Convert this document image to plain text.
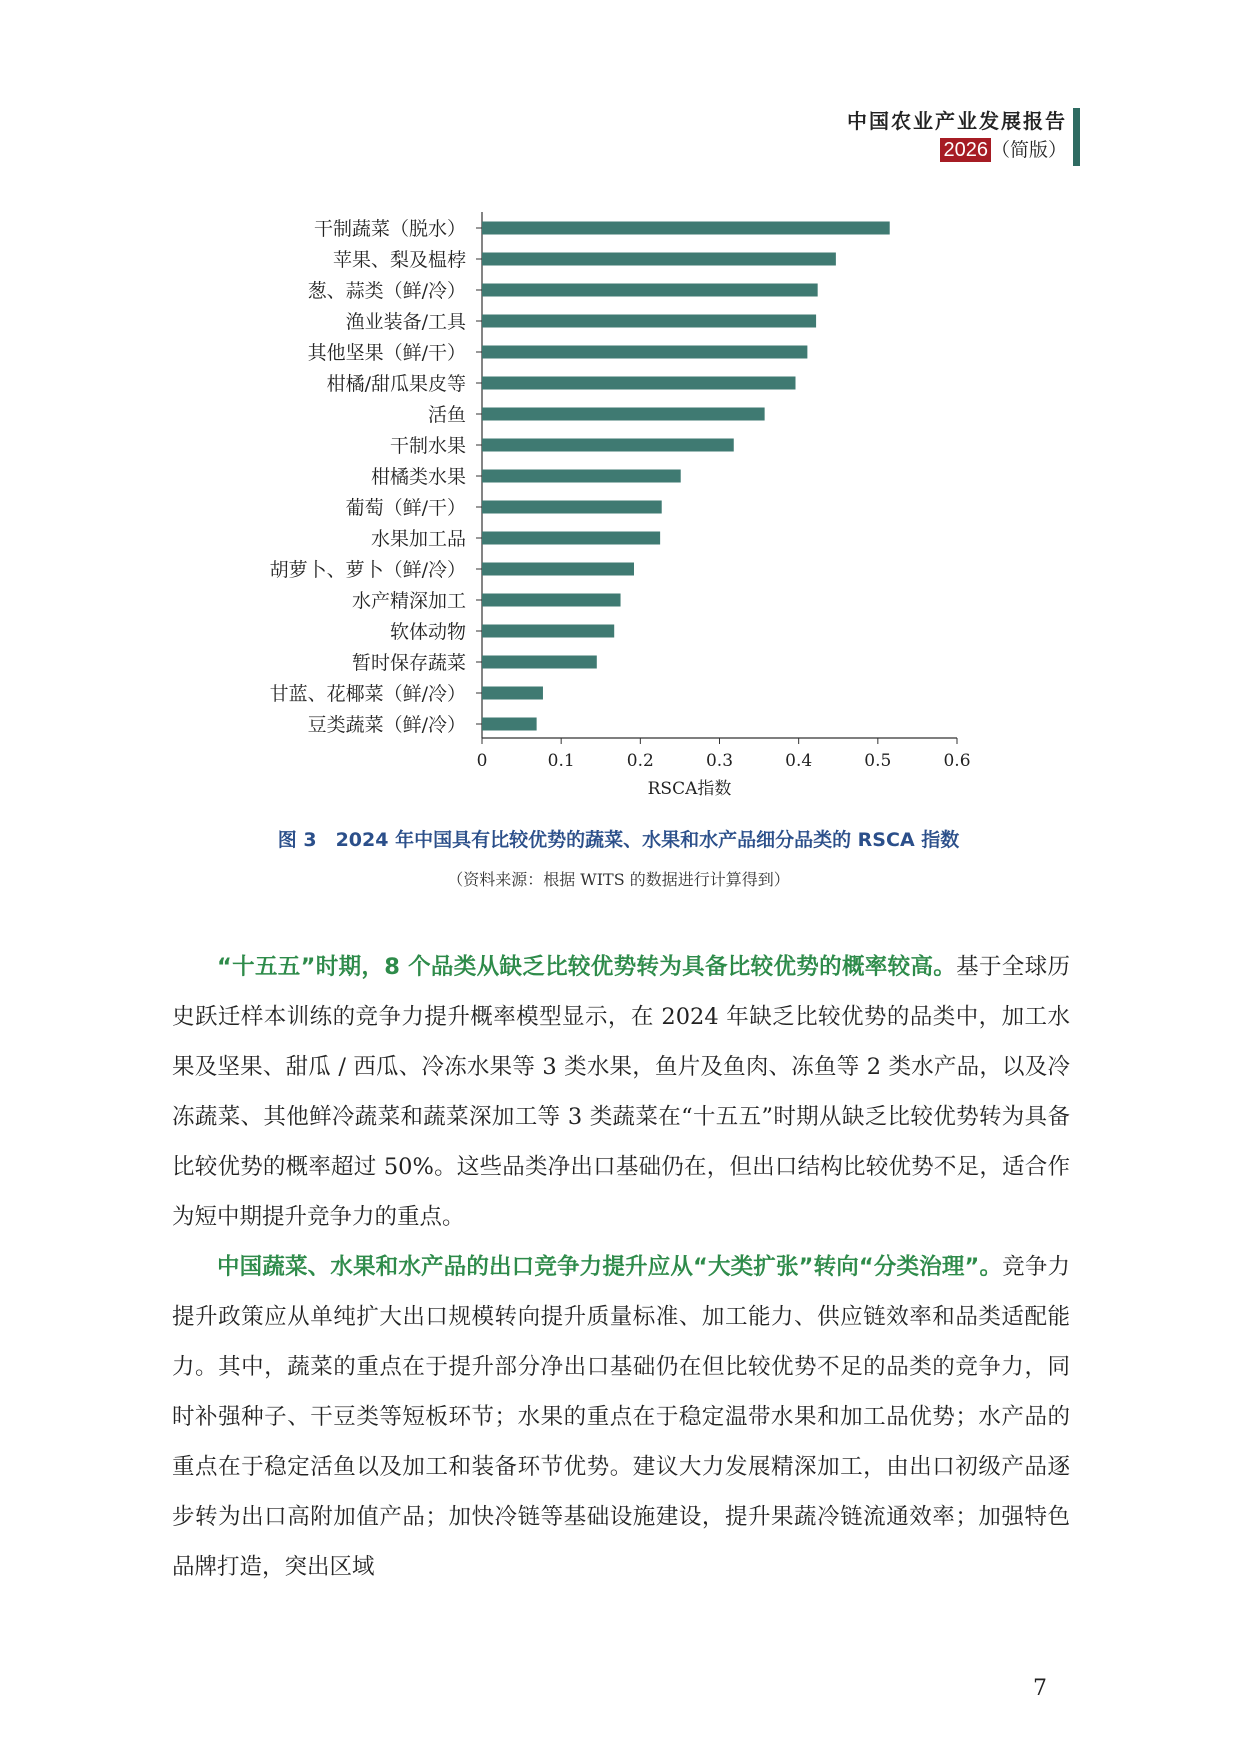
中国农业产业发展报告
2026 （简版）
干制蔬菜（脱水）
苹果、梨及榅桲
葱、蒜类（鲜/冷）
渔业装备/工具
其他坚果（鲜/干）
柑橘/甜瓜果皮等
活鱼
干制水果
柑橘类水果
葡萄（鲜/干）
水果加工品
胡萝卜、萝卜（鲜/冷）
水产精深加工
软体动物
暂时保存蔬菜
甘蓝、花椰菜（鲜/冷）
豆类蔬菜（鲜/冷）
0	0.1	0.2	0.3	0.4	0.5	0.6
RSCA指数
图 3　2024 年中国具有比较优势的蔬菜、水果和水产品细分品类的 RSCA 指数
（资料来源：根据 WITS 的数据进行计算得到）

“十五五”时期，8 个品类从缺乏比较优势转为具备比较优势的概率较高。基于全球历史跃迁样本训练的竞争力提升概率模型显示，在 2024 年缺乏比较优势的品类中，加工水果及坚果、甜瓜 / 西瓜、冷冻水果等 3 类水果，鱼片及鱼肉、冻鱼等 2 类水产品，以及冷冻蔬菜、其他鲜冷蔬菜和蔬菜深加工等 3 类蔬菜在“十五五”时期从缺乏比较优势转为具备比较优势的概率超过 50%。这些品类净出口基础仍在，但出口结构比较优势不足，适合作为短中期提升竞争力的重点。

中国蔬菜、水果和水产品的出口竞争力提升应从“大类扩张”转向“分类治理”。竞争力提升政策应从单纯扩大出口规模转向提升质量标准、加工能力、供应链效率和品类适配能力。其中，蔬菜的重点在于提升部分净出口基础仍在但比较优势不足的品类的竞争力，同时补强种子、干豆类等短板环节；水果的重点在于稳定温带水果和加工品优势；水产品的重点在于稳定活鱼以及加工和装备环节优势。建议大力发展精深加工，由出口初级产品逐步转为出口高附加值产品；加快冷链等基础设施建设，提升果蔬冷链流通效率；加强特色品牌打造，突出区域

7
